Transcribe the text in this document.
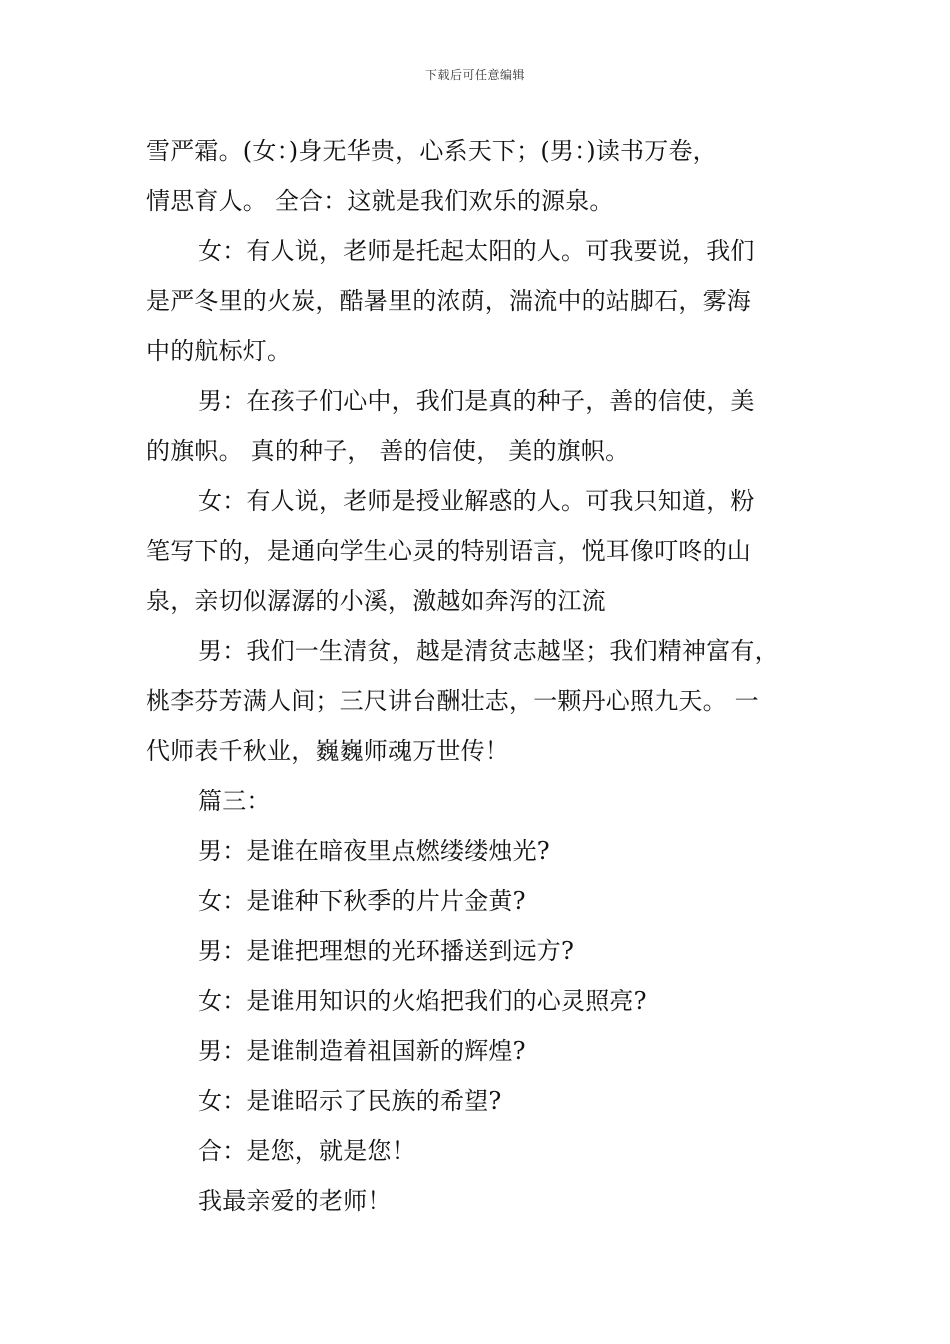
下载后可任意编辑
雪严霜。(女：)身无华贵，心系天下；(男：)读书万卷，
情思育人。 全合：这就是我们欢乐的源泉。
女：有人说，老师是托起太阳的人。可我要说，我们
是严冬里的火炭，酷暑里的浓荫，湍流中的站脚石，雾海
中的航标灯。
男：在孩子们心中，我们是真的种子，善的信使，美
的旗帜。 真的种子， 善的信使， 美的旗帜。
女：有人说，老师是授业解惑的人。可我只知道，粉
笔写下的，是通向学生心灵的特别语言，悦耳像叮咚的山
泉，亲切似潺潺的小溪，激越如奔泻的江流
男：我们一生清贫，越是清贫志越坚；我们精神富有，
桃李芬芳满人间；三尺讲台酬壮志，一颗丹心照九天。 一
代师表千秋业，巍巍师魂万世传！
篇三：
男：是谁在暗夜里点燃缕缕烛光?
女：是谁种下秋季的片片金黄?
男：是谁把理想的光环播送到远方?
女：是谁用知识的火焰把我们的心灵照亮?
男：是谁制造着祖国新的辉煌?
女：是谁昭示了民族的希望?
合：是您，就是您！
我最亲爱的老师！
